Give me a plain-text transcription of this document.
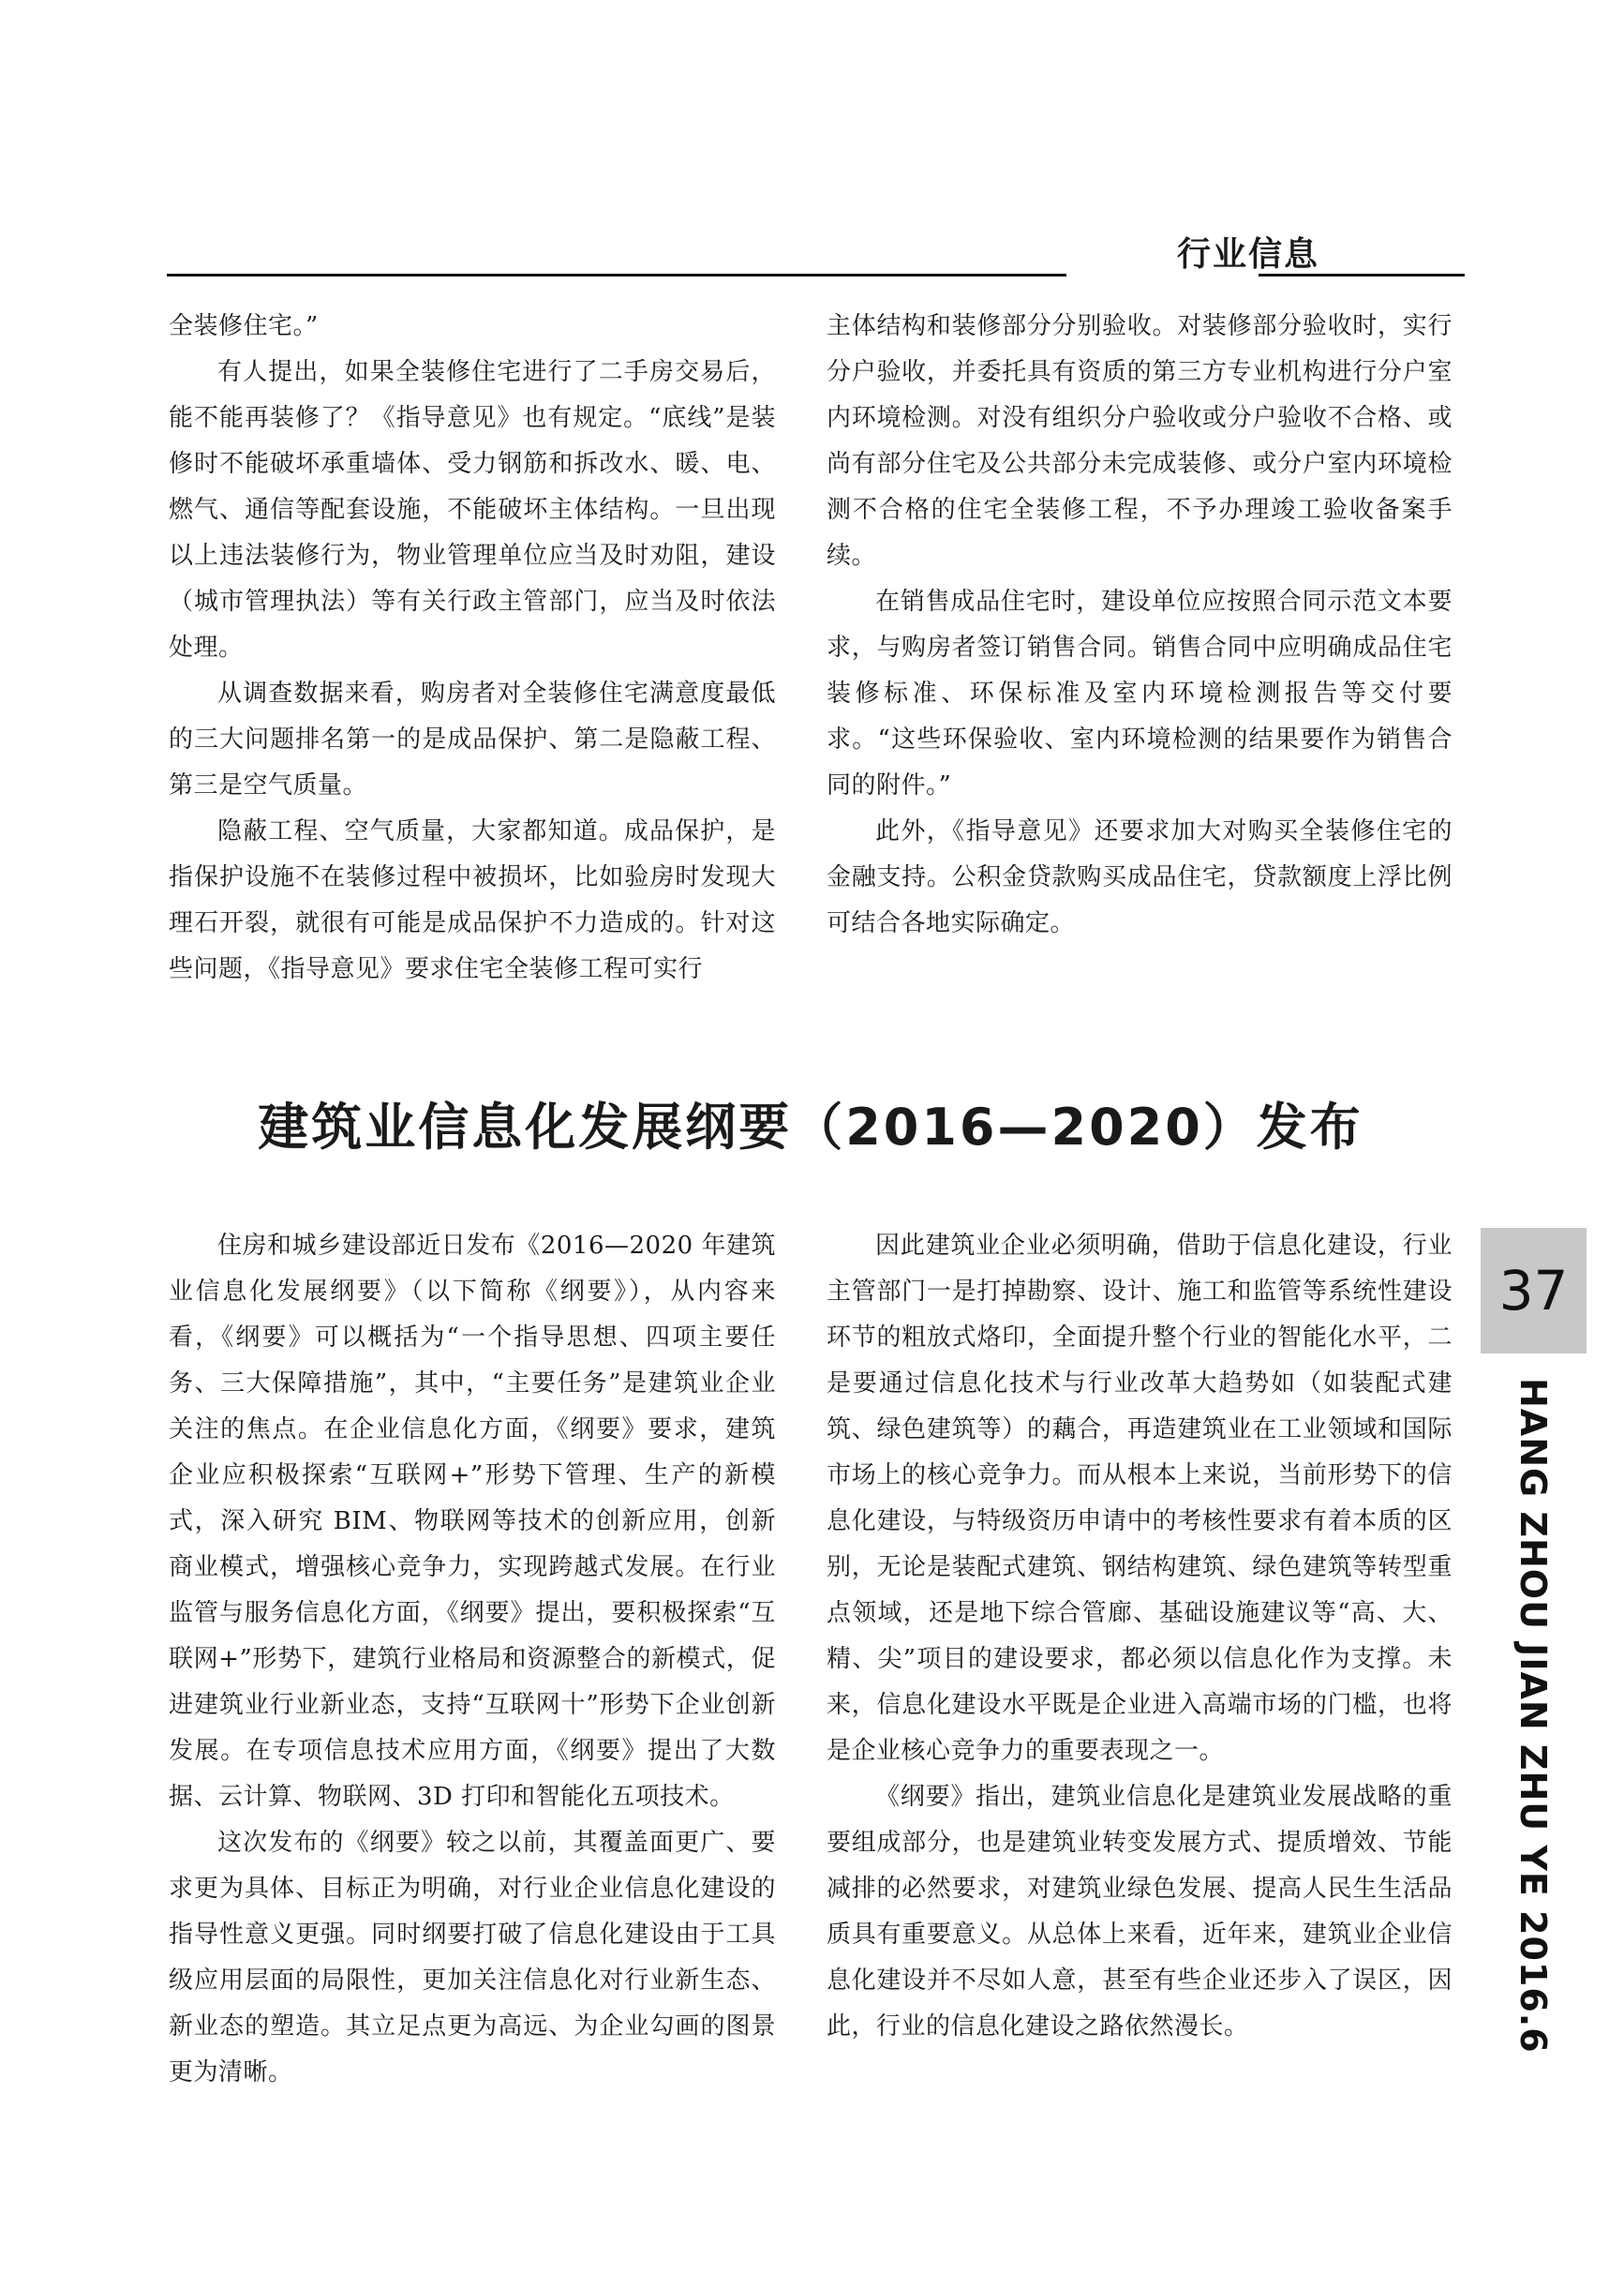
行业信息

全装修住宅。”

有人提出，如果全装修住宅进行了二手房交易后，能不能再装修了？《指导意见》也有规定。“底线”是装修时不能破坏承重墙体、受力钢筋和拆改水、暖、电、燃气、通信等配套设施，不能破坏主体结构。一旦出现以上违法装修行为，物业管理单位应当及时劝阻，建设（城市管理执法）等有关行政主管部门，应当及时依法处理。

从调查数据来看，购房者对全装修住宅满意度最低的三大问题排名第一的是成品保护、第二是隐蔽工程、第三是空气质量。

隐蔽工程、空气质量，大家都知道。成品保护，是指保护设施不在装修过程中被损坏，比如验房时发现大理石开裂，就很有可能是成品保护不力造成的。针对这些问题，《指导意见》要求住宅全装修工程可实行

主体结构和装修部分分别验收。对装修部分验收时，实行分户验收，并委托具有资质的第三方专业机构进行分户室内环境检测。对没有组织分户验收或分户验收不合格、或尚有部分住宅及公共部分未完成装修、或分户室内环境检测不合格的住宅全装修工程，不予办理竣工验收备案手续。

在销售成品住宅时，建设单位应按照合同示范文本要求，与购房者签订销售合同。销售合同中应明确成品住宅装修标准、环保标准及室内环境检测报告等交付要求。“这些环保验收、室内环境检测的结果要作为销售合同的附件。”

此外，《指导意见》还要求加大对购买全装修住宅的金融支持。公积金贷款购买成品住宅，贷款额度上浮比例可结合各地实际确定。

建筑业信息化发展纲要（2016—2020）发布

住房和城乡建设部近日发布《2016—2020 年建筑业信息化发展纲要》（以下简称《纲要》），从内容来看，《纲要》可以概括为“一个指导思想、四项主要任务、三大保障措施”，其中，“主要任务”是建筑业企业关注的焦点。在企业信息化方面，《纲要》要求，建筑企业应积极探索“互联网+”形势下管理、生产的新模式，深入研究 BIM、物联网等技术的创新应用，创新商业模式，增强核心竞争力，实现跨越式发展。在行业监管与服务信息化方面，《纲要》提出，要积极探索“互联网+”形势下，建筑行业格局和资源整合的新模式，促进建筑业行业新业态，支持“互联网十”形势下企业创新发展。在专项信息技术应用方面，《纲要》提出了大数据、云计算、物联网、3D 打印和智能化五项技术。

这次发布的《纲要》较之以前，其覆盖面更广、要求更为具体、目标正为明确，对行业企业信息化建设的指导性意义更强。同时纲要打破了信息化建设由于工具级应用层面的局限性，更加关注信息化对行业新生态、新业态的塑造。其立足点更为高远、为企业勾画的图景更为清晰。

因此建筑业企业必须明确，借助于信息化建设，行业主管部门一是打掉勘察、设计、施工和监管等系统性建设环节的粗放式烙印，全面提升整个行业的智能化水平，二是要通过信息化技术与行业改革大趋势如（如装配式建筑、绿色建筑等）的藕合，再造建筑业在工业领域和国际市场上的核心竞争力。而从根本上来说，当前形势下的信息化建设，与特级资历申请中的考核性要求有着本质的区别，无论是装配式建筑、钢结构建筑、绿色建筑等转型重点领域，还是地下综合管廊、基础设施建议等“高、大、精、尖”项目的建设要求，都必须以信息化作为支撑。未来，信息化建设水平既是企业进入高端市场的门槛，也将是企业核心竞争力的重要表现之一。

《纲要》指出，建筑业信息化是建筑业发展战略的重要组成部分，也是建筑业转变发展方式、提质增效、节能减排的必然要求，对建筑业绿色发展、提高人民生生活品质具有重要意义。从总体上来看，近年来，建筑业企业信息化建设并不尽如人意，甚至有些企业还步入了误区，因此，行业的信息化建设之路依然漫长。

37
HANG ZHOU JIAN ZHU YE 2016.6
